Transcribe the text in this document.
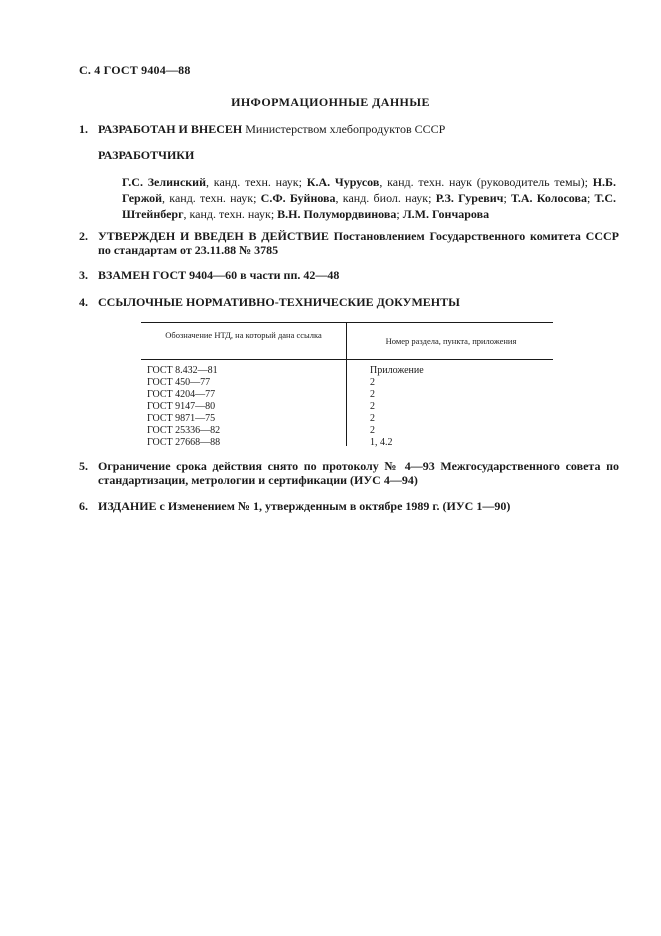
С. 4 ГОСТ 9404—88
ИНФОРМАЦИОННЫЕ ДАННЫЕ
1. РАЗРАБОТАН И ВНЕСЕН Министерством хлебопродуктов СССР
РАЗРАБОТЧИКИ
Г.С. Зелинский, канд. техн. наук; К.А. Чурусов, канд. техн. наук (руководитель темы); Н.Б. Гержой, канд. техн. наук; С.Ф. Буйнова, канд. биол. наук; Р.З. Гуревич; Т.А. Колосова; Т.С. Штейнберг, канд. техн. наук; В.Н. Полумордвинова; Л.М. Гончарова
2. УТВЕРЖДЕН И ВВЕДЕН В ДЕЙСТВИЕ Постановлением Государственного комитета СССР по стандартам от 23.11.88 № 3785
3. ВЗАМЕН ГОСТ 9404—60 в части пп. 42—48
4. ССЫЛОЧНЫЕ НОРМАТИВНО-ТЕХНИЧЕСКИЕ ДОКУМЕНТЫ
Обозначение НТД, на который дана ссылка
Номер раздела, пункта, приложения
ГОСТ 8.432—81	Приложение
ГОСТ 450—77	2
ГОСТ 4204—77	2
ГОСТ 9147—80	2
ГОСТ 9871—75	2
ГОСТ 25336—82	2
ГОСТ 27668—88	1, 4.2
5. Ограничение срока действия снято по протоколу № 4—93 Межгосударственного совета по стандартизации, метрологии и сертификации (ИУС 4—94)
6. ИЗДАНИЕ с Изменением № 1, утвержденным в октябре 1989 г. (ИУС 1—90)
